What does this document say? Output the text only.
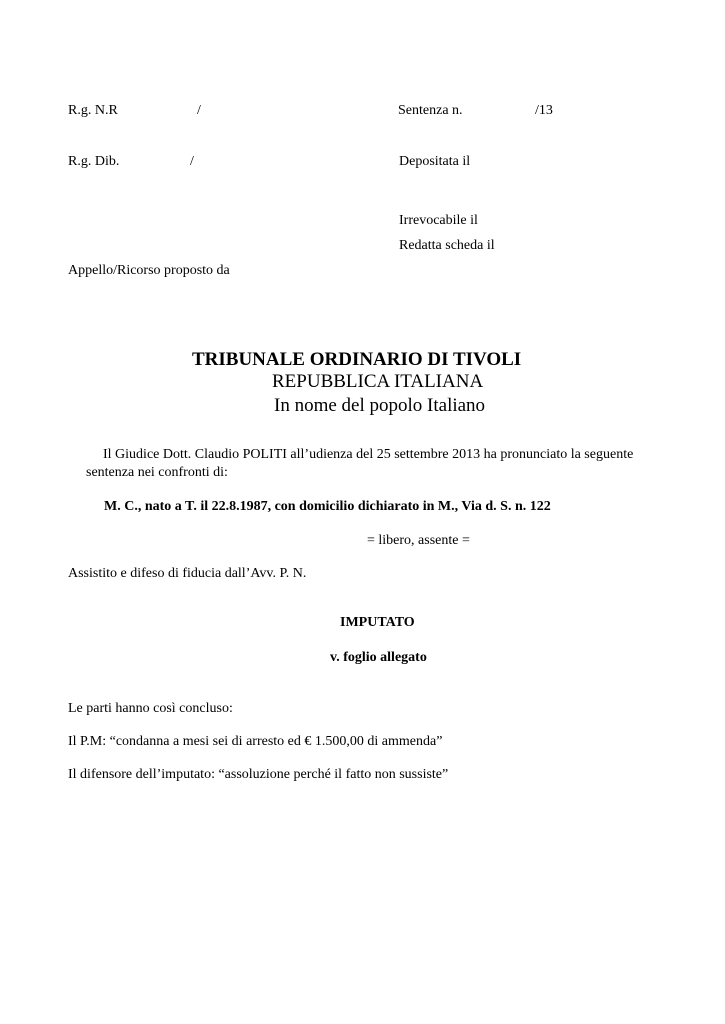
R.g. N.R	/	Sentenza n.	/13
R.g. Dib.	/	Depositata il
Irrevocabile il
Redatta scheda il
Appello/Ricorso proposto da
TRIBUNALE ORDINARIO DI TIVOLI
REPUBBLICA ITALIANA
In nome del popolo Italiano
Il Giudice Dott. Claudio POLITI all’udienza del 25 settembre 2013 ha pronunciato la seguente
sentenza nei confronti di:
M. C., nato a T. il 22.8.1987, con domicilio dichiarato in M., Via d. S. n. 122
= libero, assente =
Assistito e difeso di fiducia dall’Avv. P. N.
IMPUTATO
v. foglio allegato
Le parti hanno così concluso:
Il P.M: “condanna a mesi sei di arresto ed € 1.500,00 di ammenda”
Il difensore dell’imputato: “assoluzione perché il fatto non sussiste”
